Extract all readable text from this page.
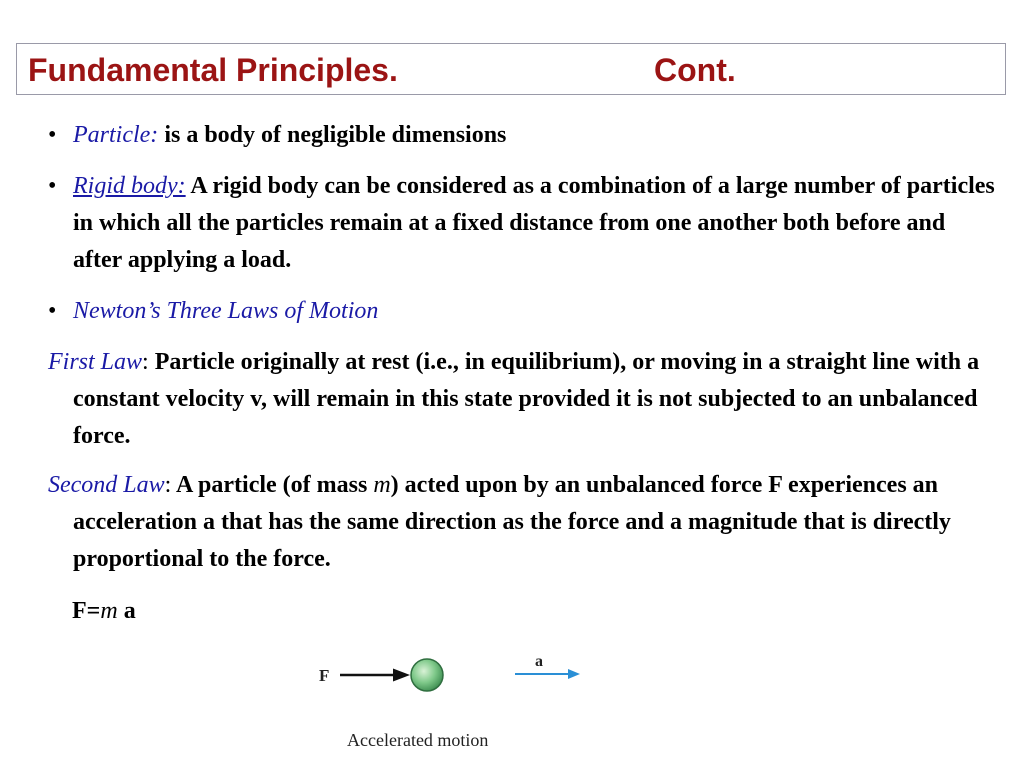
Fundamental Principles.	Cont.
• Particle: is a body of negligible dimensions
• Rigid body: A rigid body can be considered as a combination of a large number of particles in which all the particles remain at a fixed distance from one another both before and after applying a load.
• Newton’s Three Laws of Motion
First Law: Particle originally at rest (i.e., in equilibrium), or moving in a straight line with a constant velocity v, will remain in this state provided it is not subjected to an unbalanced force.
Second Law: A particle (of mass m) acted upon by an unbalanced force F experiences an acceleration a that has the same direction as the force and a magnitude that is directly proportional to the force.
F=m a
F
a
Accelerated motion
